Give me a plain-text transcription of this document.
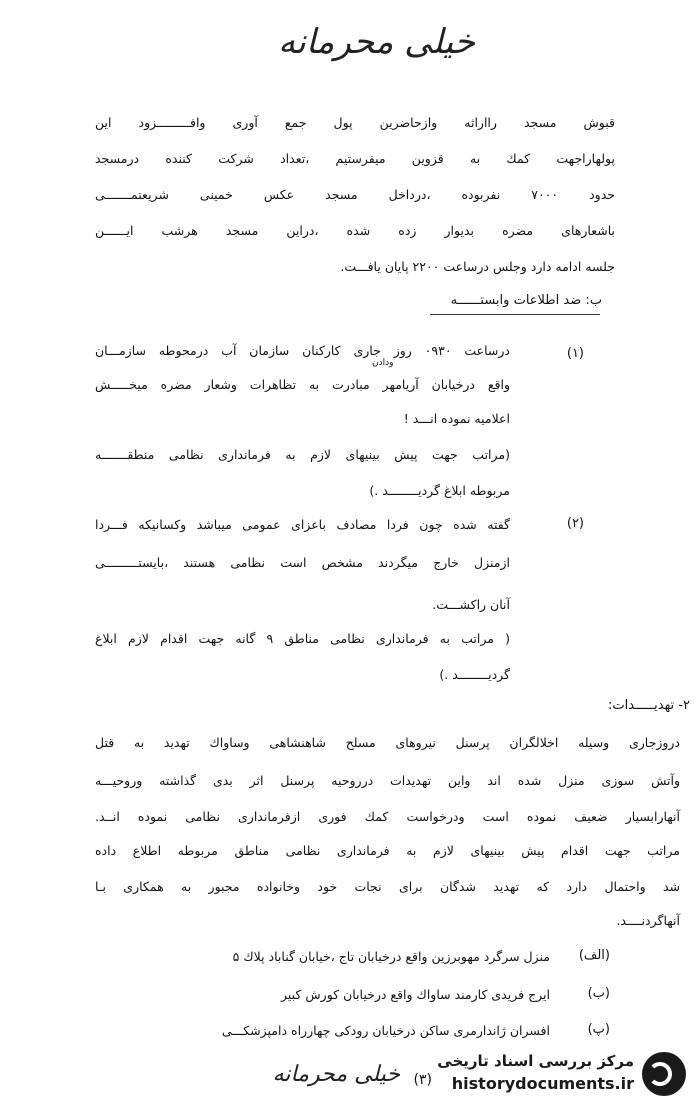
خیلی محرمانه
قبوش مسجد رااراثه وازحاضرین پول جمع آوری وافـــــــــزود این
پولهاراجهت کمك به قزوین میفرستیم ،تعداد شرکت کننده درمسجد
حدود ۷۰۰۰ نفربوده ،درداخل مسجد عکس خمینی شریعتمـــــــی
باشعارهای مضره بدیوار زده شده ،دراین مسجد هرشب ایــــــن
جلسه ادامه دارد وجلس درساعت ۲۲۰۰ پایان یافـــت.
ب: ضد اطلاعات وابستــــــه
(۱)
ودادن
درساعت ۰۹۳۰ روز جاری کارکنان سازمان آب درمحوطه سازمـــان
واقع درخیابان آریامهر مبادرت به تظاهرات وشعار مضره میخـــــش
اعلامیه نموده انـــد !
(مراتب جهت پیش بینیهای لازم به فرمانداری نظامی منطقـــــــه
مربوطه ابلاغ گردیــــــــد .)
(۲)
گفته شده چون فردا مصادف باعزای عمومی میباشد وکسانیکه فـــردا
ازمنزل خارج میگردند مشخص است نظامی هستند ،بایستـــــــــی
آنان راکشـــت.
( مراتب به فرمانداری نظامی مناطق ۹ گانه جهت اقدام لازم ابلاغ
گردیــــــــد .)
۲- تهدیـــــدات:
دروزجاری وسیله اخلالگران پرسنل نیروهای مسلح شاهنشاهی وساواك تهدید به قتل
وآتش سوزی منزل شده اند واین تهدیدات درروحیه پرسنل اثر بدی گذاشته وروحیـــه
آنهارابسیار ضعیف نموده است ودرخواست کمك فوری ازفرمانداری نظامی نموده انــد.
مراتب جهت اقدام پیش بینیهای لازم به فرمانداری نظامی مناطق مربوطه اطلاع داده
شد واحتمال دارد که تهدید شدگان برای نجات خود وخانواده مجبور به همکاری بـا
آنهاگردنــــد.
(الف)
منزل سرگرد مهوبرزین واقع درخیابان تاج ،خیابان گناباد پلاك ۵
(ب)
ایرج فریدی کارمند ساواك واقع درخیابان کورش کبیر
(پ)
افسران ژاندارمری ساکن درخیابان رودکی چهارراه دامپزشکـــی
خیلی محرمانه (۳)
مرکز بررسی اسناد تاریخی
historydocuments.ir
